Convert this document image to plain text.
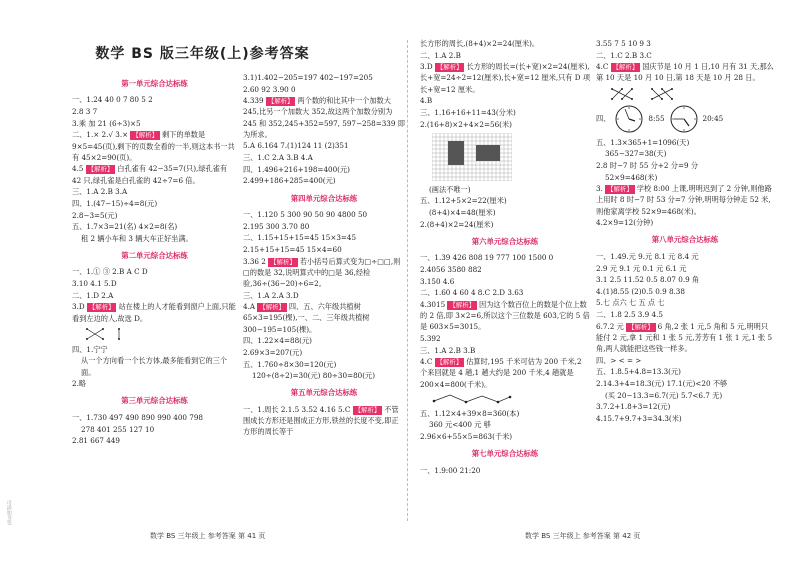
数学 BS 版三年级(上)参考答案
第一单元综合达标练

一、1.24 40 0 7 80 5 2

2.8 3 7

3.乘 加 21 (6÷3)×5

二、1.× 2.√ 3.× 【解析】 剩下的单数是 9×5=45(页),剩下的页数全看的一半,则这本书一共有 45×2=90(页)。

4.5 【解析】 白孔雀有 42−35=7(只),绿孔雀有 42 只,绿孔雀是白孔雀的 42÷7=6 倍。

三、1.A 2.B 3.A

四、1.(47−15)÷4=8(元)

2.8−3=5(元)

五、1.7×3=21(名) 4×2=8(名)

租 2 辆小车和 3 辆大车正好坐满。

第二单元综合达标练

一、1.① ③ 2.B A C D

3.10 4.1 5.D

二、1.D 2.A

3.D 【解析】 站在楼上的人才能看到窗户上面,只能看到左边的人,故选 D。

四、1.宁宁

从一个方向看一个长方体,最多能看到它的三个面。

2.略

第三单元综合达标练

一、1.730 497 490 890 990 400 798

278 401 255 127 10

2.81 667 449

3.1)1.402−205=197 402−197=205

2.60 92 3.90 0

4.339 【解析】 两个数的和比其中一个加数大 245,比另一个加数大 352,故这两个加数分别为 245 和 352,245+352=597, 597−258=339 即为所求。

5.A 6.164 7.(1)124 11 (2)351

三、1.C 2.A 3.B 4.A

四、1.496+216+198=400(元)

2.499+186+285=400(元)

第四单元综合达标练

一、1.120 5 300 90 50 90 4800 50

2.195 300 3.70 80

二、1.15+15+15=45 15×3=45

2.15+15+15=45 15×4=60

3.36 2 【解析】 若小括号后算式变为□÷□□,则□的数是 32,说明算式中的□是 36,经检验,36÷(36−20)÷6=2。

三、1.A 2.A 3.D

4.A 【解析】 四、五、六年级共植树 65×3=195(棵),一、二、三年级共植树 300−195=105(棵)。

四、1.22×4=88(元)

2.69×3=207(元)

五、1.760÷8×30=120(元)

120÷(8÷2)=30(元) 80÷30=80(元)

第五单元综合达标练

一、1.周长 2.1.5 3.52 4.16 5.C 【解析】 不管围成长方形还是围成正方形,铁丝的长度不变,即正方形的周长等于

长方形的周长,(8+4)×2=24(厘米)。

二、1.A 2.B

3.D 【解析】 长方形的周长=(长+宽)×2=24(厘米),长+宽=24÷2=12(厘米),长+宽=12 厘米,只有 D 项长+宽=12 厘米。

4.B

三、1.16+16+11=43(分米)

2.(16+8)×2+4×2=56(米)

(画法不唯一)

五、1.12+5×2=22(厘米)

(8+4)×4=48(厘米)

2.(8+4)×2=24(厘米)

第六单元综合达标练

一、1.39 426 808 19 777 100 1500 0

2.4056 3580 882

3.150 4.6

二、1.60 4 60 4 8.C 2.D 3.63

4.3015 【解析】 因为这个数百位上的数是个位上数的 2 倍,即 3×2=6,所以这个三位数是 603,它的 5 倍是 603×5=3015。

5.392

三、1.A 2.B 3.B

4.C 【解析】 估算时,195 千米可估为 200 千米,2 个来回就是 4 趟,1 趟大约是 200 千米,4 趟就是 200×4=800(千米)。

五、1.12×4+39×8=360(本)

360 元<400 元 够

2.96×6+55×5=863(千米)

第七单元综合达标练

一、1.9:00 21:20

3.55 7 5 10 9 3

二、1.C 2.B 3.C

4.C 【解析】 国庆节是 10 月 1 日,10 月有 31 天,那么第 10 天是 10 月 10 日,第 18 天是 10 月 28 日。

四、	8:55	20:45

五、1.3×365+1=1096(天)

365−327=38(天)

2.8 时−7 时 55 分+2 分=9 分

52×9=468(米)

3. 【解析】 学校 8:00 上课,明明迟到了 2 分钟,则他路上用时 8 时−7 时 53 分=7 分钟,明明每分钟走 52 米,则他家离学校 52×9=468(米)。

4.2×9=12(分钟)

第八单元综合达标练

一、1.49.元 9.元 8.1 元 8.4 元

2.9 元 9.1 元 0.1 元 6.1 元

3.1 2.5 11.52 0.5 8.07 0.9 角

4.(1)8.55 (2)0.5 0.9 8.38

5.七 点六 七 五 点 七

二、1.8 2.5 3.9 4.5

6.7.2 元 【解析】 6 角,2 张 1 元,5 角和 5 元,明明只能付 2 元,拿 1 元和 1 张 5 元,芳芳有 1 张 1 元,1 张 5 角,两人就能把这些钱一样多。

四、> < = >

五、1.8.5+4.8=13.3(元)

2.14.3+4=18.3(元) 17.1(元)<20 不够

(买 20−13.3=6.7(元) 5.7<6.7 无)

3.7.2+1.8+3=12(元)

4.15.7+9.7+3=34.3(米)

数学 BS 三年级上 参考答案 第 41 页	数学 BS 三年级上 参考答案 第 42 页
可添加书签
